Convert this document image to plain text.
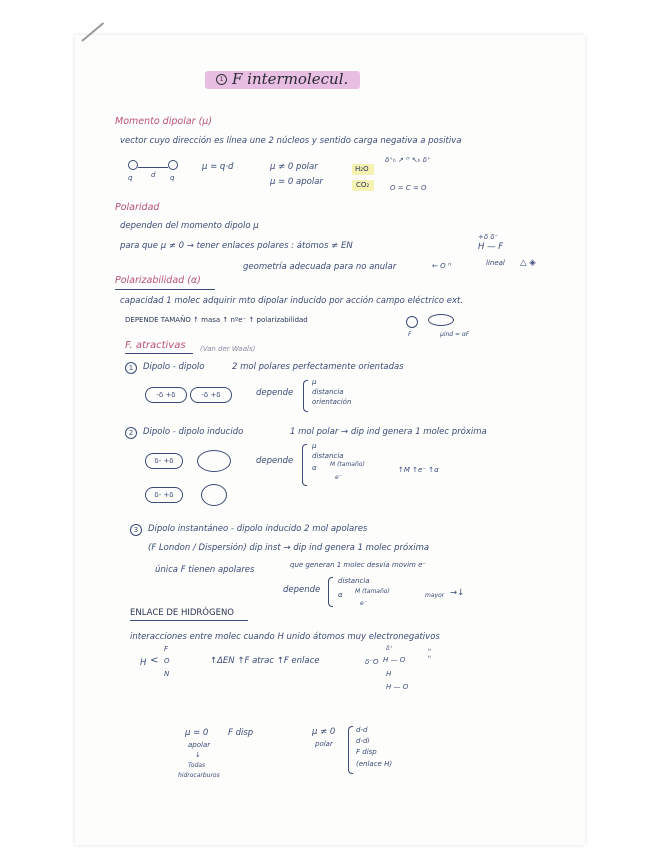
1 F intermolecul.
Momento dipolar (μ)
vector cuyo dirección es línea une 2 núcleos y sentido carga negativa a positiva
q	d q
μ = q·d	μ ≠ 0 polar
μ = 0 apolar
H₂O
CO₂
δ⁺ₕ ↗ ᴼ ↖ₕ δ⁺
O = C = O
Polaridad
dependen del momento dipolo μ
para que μ ≠ 0 → tener enlaces polares : átomos ≠ EN
+δ δ⁻
H — F
geometría adecuada para no anular	← O ᴴ	lineal △ ◈
Polarizabilidad (α)
capacidad 1 molec adquirir mto dipolar inducido por acción campo eléctrico ext.
DEPENDE TAMAÑO ↑ masa ↑ nºe⁻ ↑ polarizabilidad
F	μind = αF
F. atractivas (Van der Waals)
1	Dipolo - dipolo	2 mol polares perfectamente orientadas
-δ +δ	-δ +δ	depende
μ
distancia
orientación
2	Dipolo - dipolo inducido	1 mol polar → dip ind genera 1 molec próxima
δ- +δ	depende
μ
distancia
α M (tamaño)
e⁻
↑M ↑e⁻ ↑α
δ- +δ
3	Dipolo instantáneo - dipolo inducido 2 mol apolares
(F London / Dispersión) dip inst → dip ind genera 1 molec próxima
única F tienen apolares	que generan 1 molec desvía movim e⁻
depende
distancia
α M (tamaño)
e⁻
mayor →↓
ENLACE DE HIDRÓGENO
interacciones entre molec cuando H unido átomos muy electronegativos
H <
F
O
N
↑ΔEN ↑F atrac ↑F enlace
δ⁺
δ⁻O H — O
H
H — O
ᴴ
ᴴ
μ = 0 F disp
apolar
↓
Todas
hidrocarburos
μ ≠ 0
polar
d-d
d-di
F disp
(enlace H)
